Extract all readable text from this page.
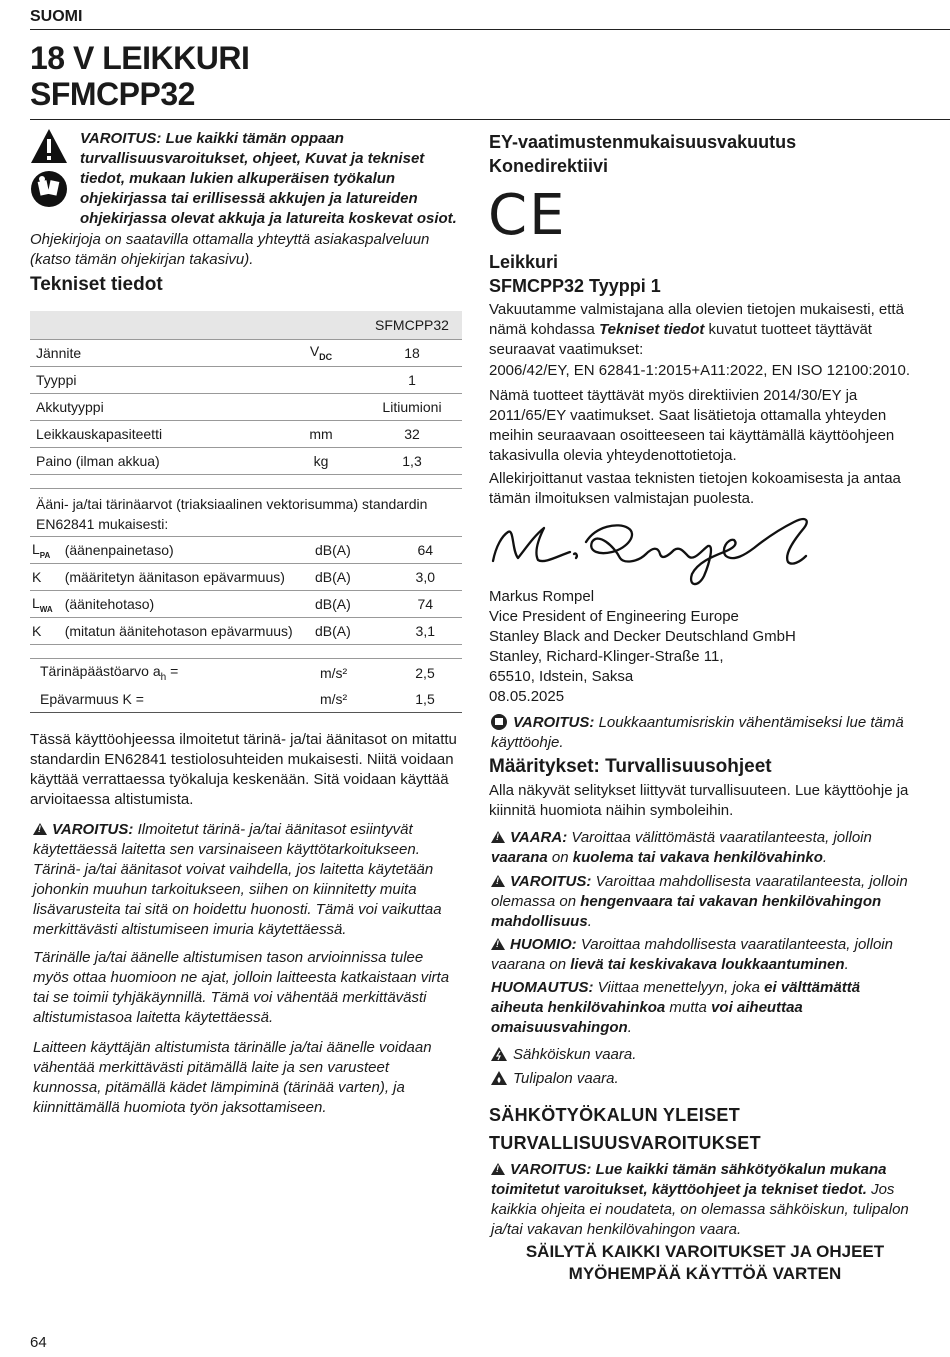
SUOMI
18 V LEIKKURI
SFMCPP32
VAROITUS: Lue kaikki tämän oppaan turvallisuusvaroitukset, ohjeet, Kuvat ja tekniset tiedot, mukaan lukien alkuperäisen työkalun ohjekirjassa tai erillisessä akkujen ja latureiden ohjekirjassa olevat akkuja ja latureita koskevat osiot.
Ohjekirjoja on saatavilla ottamalla yhteyttä asiakaspalveluun (katso tämän ohjekirjan takasivu).
Tekniset tiedot
		SFMCPP32
Jännite	$V_{DC}$	18
Tyyppi		1
Akkutyyppi		Litiumioni
Leikkauskapasiteetti	mm	32
Paino (ilman akkua)	kg	1,3
Ääni- ja/tai tärinäarvot (triaksiaalinen vektorisumma) standardin EN62841 mukaisesti:
$L_{PA}$	(äänenpainetaso)	dB(A)	64
K	(määritetyn äänitason epävarmuus)	dB(A)	3,0
$L_{WA}$	(äänitehotaso)	dB(A)	74
K	(mitatun äänitehotason epävarmuus)	dB(A)	3,1
Tärinäpäästöarvo $a_h$ =	m/s²	2,5
Epävarmuus K =	m/s²	1,5
Tässä käyttöohjeessa ilmoitetut tärinä- ja/tai äänitasot on mitattu standardin EN62841 testiolosuhteiden mukaisesti. Niitä voidaan käyttää verrattaessa työkaluja keskenään. Sitä voidaan käyttää arvioitaessa altistumista.
!VAROITUS: Ilmoitetut tärinä- ja/tai äänitasot esiintyvät käytettäessä laitetta sen varsinaiseen käyttötarkoitukseen. Tärinä- ja/tai äänitasot voivat vaihdella, jos laitetta käytetään johonkin muuhun tarkoitukseen, siihen on kiinnitetty muita lisävarusteita tai sitä on hoidettu huonosti. Tämä voi vaikuttaa merkittävästi altistumiseen imuria käytettäessä.
Tärinälle ja/tai äänelle altistumisen tason arvioinnissa tulee myös ottaa huomioon ne ajat, jolloin laitteesta katkaistaan virta tai se toimii tyhjäkäynnillä. Tämä voi vähentää merkittävästi altistumistasoa laitetta käytettäessä.
Laitteen käyttäjän altistumista tärinälle ja/tai äänelle voidaan vähentää merkittävästi pitämällä laite ja sen varusteet kunnossa, pitämällä kädet lämpiminä (tärinää varten), ja kiinnittämällä huomiota työn jaksottamiseen.
EY-vaatimustenmukaisuusvakuutus
Konedirektiivi
CE
Leikkuri
SFMCPP32 Tyyppi 1
Vakuutamme valmistajana alla olevien tietojen mukaisesti, että nämä kohdassa Tekniset tiedot kuvatut tuotteet täyttävät seuraavat vaatimukset:
2006/42/EY, EN 62841-1:2015+A11:2022, EN ISO 12100:2010.
Nämä tuotteet täyttävät myös direktiivien 2014/30/EY ja 2011/65/EY vaatimukset. Saat lisätietoja ottamalla yhteyden meihin seuraavaan osoitteeseen tai käyttämällä käyttöohjeen takasivulla olevia yhteydenottotietoja.
Allekirjoittanut vastaa teknisten tietojen kokoamisesta ja antaa tämän ilmoituksen valmistajan puolesta.
Markus Rompel
Vice President of Engineering Europe
Stanley Black and Decker Deutschland GmbH
Stanley, Richard-Klinger-Straße 11,
65510, Idstein, Saksa
08.05.2025
VAROITUS: Loukkaantumisriskin vähentämiseksi lue tämä käyttöohje.
Määritykset: Turvallisuusohjeet
Alla näkyvät selitykset liittyvät turvallisuuteen. Lue käyttöohje ja kiinnitä huomiota näihin symboleihin.
!VAARA: Varoittaa välittömästä vaaratilanteesta, jolloin vaarana on kuolema tai vakava henkilövahinko.
!VAROITUS: Varoittaa mahdollisesta vaaratilanteesta, jolloin olemassa on hengenvaara tai vakavan henkilövahingon mahdollisuus.
!HUOMIO: Varoittaa mahdollisesta vaaratilanteesta, jolloin vaarana on lievä tai keskivakava loukkaantuminen.
HUOMAUTUS: Viittaa menettelyyn, joka ei välttämättä aiheuta henkilövahinkoa mutta voi aiheuttaa omaisuusvahingon.
Sähköiskun vaara.
Tulipalon vaara.
SÄHKÖTYÖKALUN YLEISET
TURVALLISUUSVAROITUKSET
!VAROITUS: Lue kaikki tämän sähkötyökalun mukana toimitetut varoitukset, käyttöohjeet ja tekniset tiedot. Jos kaikkia ohjeita ei noudateta, on olemassa sähköiskun, tulipalon ja/tai vakavan henkilövahingon vaara.
SÄILYTÄ KAIKKI VAROITUKSET JA OHJEET
MYÖHEMPÄÄ KÄYTTÖÄ VARTEN
64
